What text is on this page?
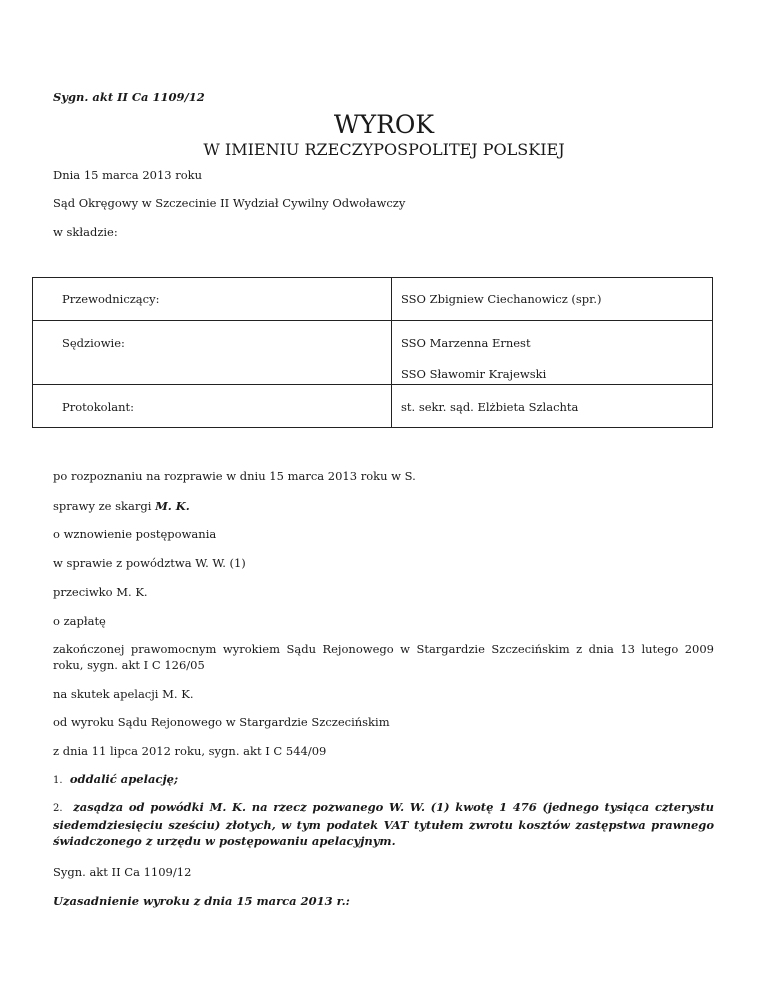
Sygn. akt II Ca 1109/12

WYROK
W IMIENIU RZECZYPOSPOLITEJ POLSKIEJ

Dnia 15 marca 2013 roku

Sąd Okręgowy w Szczecinie II Wydział Cywilny Odwoławczy

w składzie:

Przewodniczący:	SSO Zbigniew Ciechanowicz (spr.)

Sędziowie:	SSO Marzenna Ernest
SSO Sławomir Krajewski

Protokolant:	st. sekr. sąd. Elżbieta Szlachta

po rozpoznaniu na rozprawie w dniu 15 marca 2013 roku w S.

sprawy ze skargi M. K.

o wznowienie postępowania

w sprawie z powództwa W. W. (1)

przeciwko M. K.

o zapłatę

zakończonej prawomocnym wyrokiem Sądu Rejonowego w Stargardzie Szczecińskim z dnia 13 lutego 2009 roku, sygn. akt I C 126/05

na skutek apelacji M. K.

od wyroku Sądu Rejonowego w Stargardzie Szczecińskim

z dnia 11 lipca 2012 roku, sygn. akt I C 544/09

1. oddalić apelację;

2. zasądza od powódki M. K. na rzecz pozwanego W. W. (1) kwotę 1 476 (jednego tysiąca czterystu siedemdziesięciu sześciu) złotych, w tym podatek VAT tytułem zwrotu kosztów zastępstwa prawnego świadczonego z urzędu w postępowaniu apelacyjnym.

Sygn. akt II Ca 1109/12

Uzasadnienie wyroku z dnia 15 marca 2013 r.:
